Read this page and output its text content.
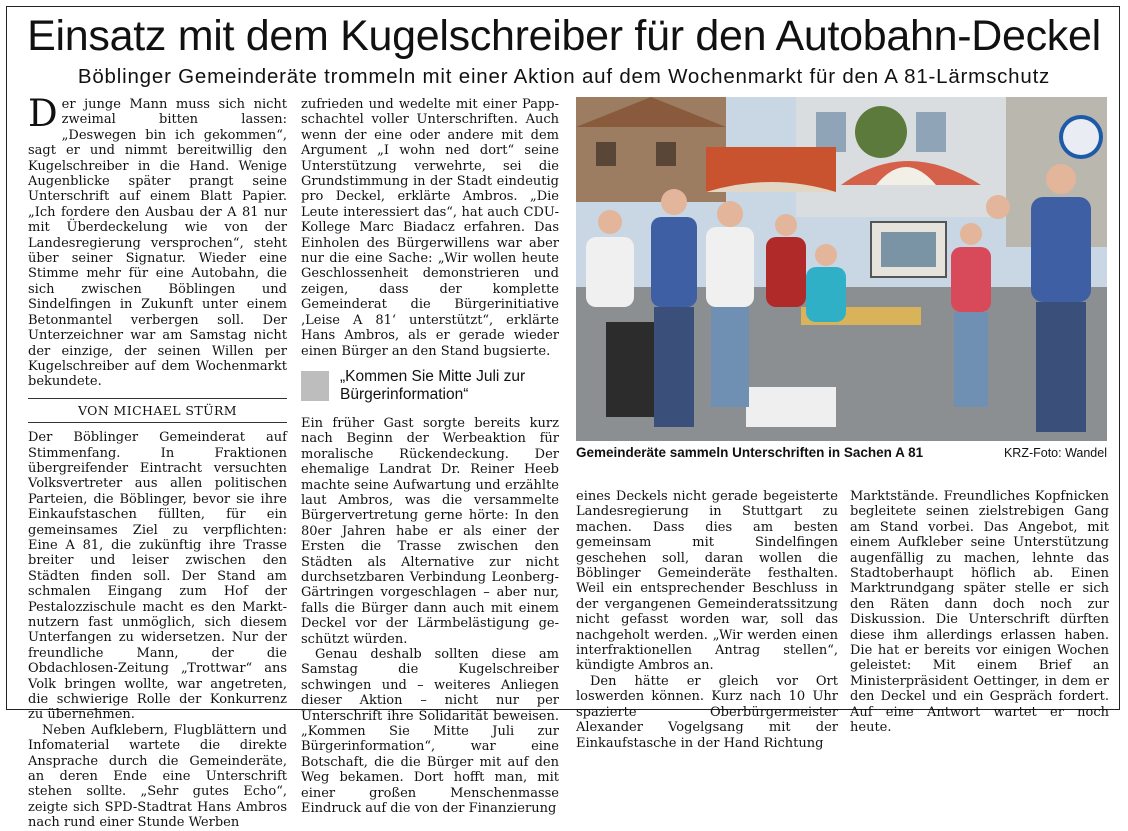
Einsatz mit dem Kugelschreiber für den Autobahn-Deckel
Böblinger Gemeinderäte trommeln mit einer Aktion auf dem Wochenmarkt für den A 81-Lärmschutz

Der junge Mann muss sich nicht zweimal bitten lassen: „Deswegen bin ich gekommen“, sagt er und nimmt bereitwillig den Kugelschreiber in die Hand. Wenige Augenblicke später prangt seine Unterschrift auf einem Blatt Papier. „Ich fordere den Ausbau der A 81 nur mit Überdeckelung wie von der Landesregierung versprochen“, steht über seiner Signatur. Wieder eine Stimme mehr für eine Autobahn, die sich zwischen Böblingen und Sindelfingen in Zukunft unter einem Betonmantel verbergen soll. Der Unterzeichner war am Samstag nicht der einzige, der seinen Willen per Kugelschreiber auf dem Wochenmarkt bekundete.

VON MICHAEL STÜRM

Der Böblinger Gemeinderat auf Stimmenfang. In Fraktionen übergreifender Eintracht versuchten Volksvertreter aus allen politischen Parteien, die Böblinger, bevor sie ihre Einkaufstaschen füllten, für ein gemeinsames Ziel zu verpflichten: Eine A 81, die zukünftig ihre Trasse breiter und leiser zwischen den Städten finden soll. Der Stand am schmalen Eingang zum Hof der Pestalozzischule macht es den Marktnutzern fast unmöglich, sich diesem Unterfangen zu widersetzen. Nur der freundliche Mann, der die Obdachlosen-Zeitung „Trottwar“ ans Volk bringen wollte, war angetreten, die schwierige Rolle der Konkurrenz zu übernehmen.

Neben Aufklebern, Flugblättern und Infomaterial wartete die direkte Ansprache durch die Gemeinderäte, an deren Ende eine Unterschrift stehen sollte. „Sehr gutes Echo“, zeigte sich SPD-Stadtrat Hans Ambros nach rund einer Stunde Werben

zufrieden und wedelte mit einer Pappschachtel voller Unterschriften. Auch wenn der eine oder andere mit dem Argument „I wohn ned dort“ seine Unterstützung verwehrte, sei die Grundstimmung in der Stadt eindeutig pro Deckel, erklärte Ambros. „Die Leute interessiert das“, hat auch CDU-Kollege Marc Biadacz erfahren. Das Einholen des Bürgerwillens war aber nur die eine Sache: „Wir wollen heute Geschlossenheit demonstrieren und zeigen, dass der komplette Gemeinderat die Bürgerinitiative ‚Leise A 81‘ unterstützt“, erklärte Hans Ambros, als er gerade wieder einen Bürger an den Stand bugsierte.

„Kommen Sie Mitte Juli zur Bürgerinformation“

Ein früher Gast sorgte bereits kurz nach Beginn der Werbeaktion für moralische Rückendeckung. Der ehemalige Landrat Dr. Reiner Heeb machte seine Aufwartung und erzählte laut Ambros, was die versammelte Bürgervertretung gerne hörte: In den 80er Jahren habe er als einer der Ersten die Trasse zwischen den Städten als Alternative zur nicht durchsetzbaren Verbindung Leonberg-Gärtringen vorgeschlagen – aber nur, falls die Bürger dann auch mit einem Deckel vor der Lärmbelästigung geschützt würden.

Genau deshalb sollten diese am Samstag die Kugelschreiber schwingen und – weiteres Anliegen dieser Aktion – nicht nur per Unterschrift ihre Solidarität beweisen. „Kommen Sie Mitte Juli zur Bürgerinformation“, war eine Botschaft, die die Bürger mit auf den Weg bekamen. Dort hofft man, mit einer großen Menschenmasse Eindruck auf die von der Finanzierung

Gemeinderäte sammeln Unterschriften in Sachen A 81	KRZ-Foto: Wandel

eines Deckels nicht gerade begeisterte Landesregierung in Stuttgart zu machen. Dass dies am besten gemeinsam mit Sindelfingen geschehen soll, daran wollen die Böblinger Gemeinderäte festhalten. Weil ein entsprechender Beschluss in der vergangenen Gemeinderatssitzung nicht gefasst worden war, soll das nachgeholt werden. „Wir werden einen interfraktionellen Antrag stellen“, kündigte Ambros an.

Den hätte er gleich vor Ort loswerden können. Kurz nach 10 Uhr spazierte Oberbürgermeister Alexander Vogelgsang mit der Einkaufstasche in der Hand Richtung

Marktstände. Freundliches Kopfnicken begleitete seinen zielstrebigen Gang am Stand vorbei. Das Angebot, mit einem Aufkleber seine Unterstützung augenfällig zu machen, lehnte das Stadtoberhaupt höflich ab. Einen Marktrundgang später stelle er sich den Räten dann doch noch zur Diskussion. Die Unterschrift dürften diese ihm allerdings erlassen haben. Die hat er bereits vor einigen Wochen geleistet: Mit einem Brief an Ministerpräsident Oettinger, in dem er den Deckel und ein Gespräch fordert. Auf eine Antwort wartet er noch heute.
